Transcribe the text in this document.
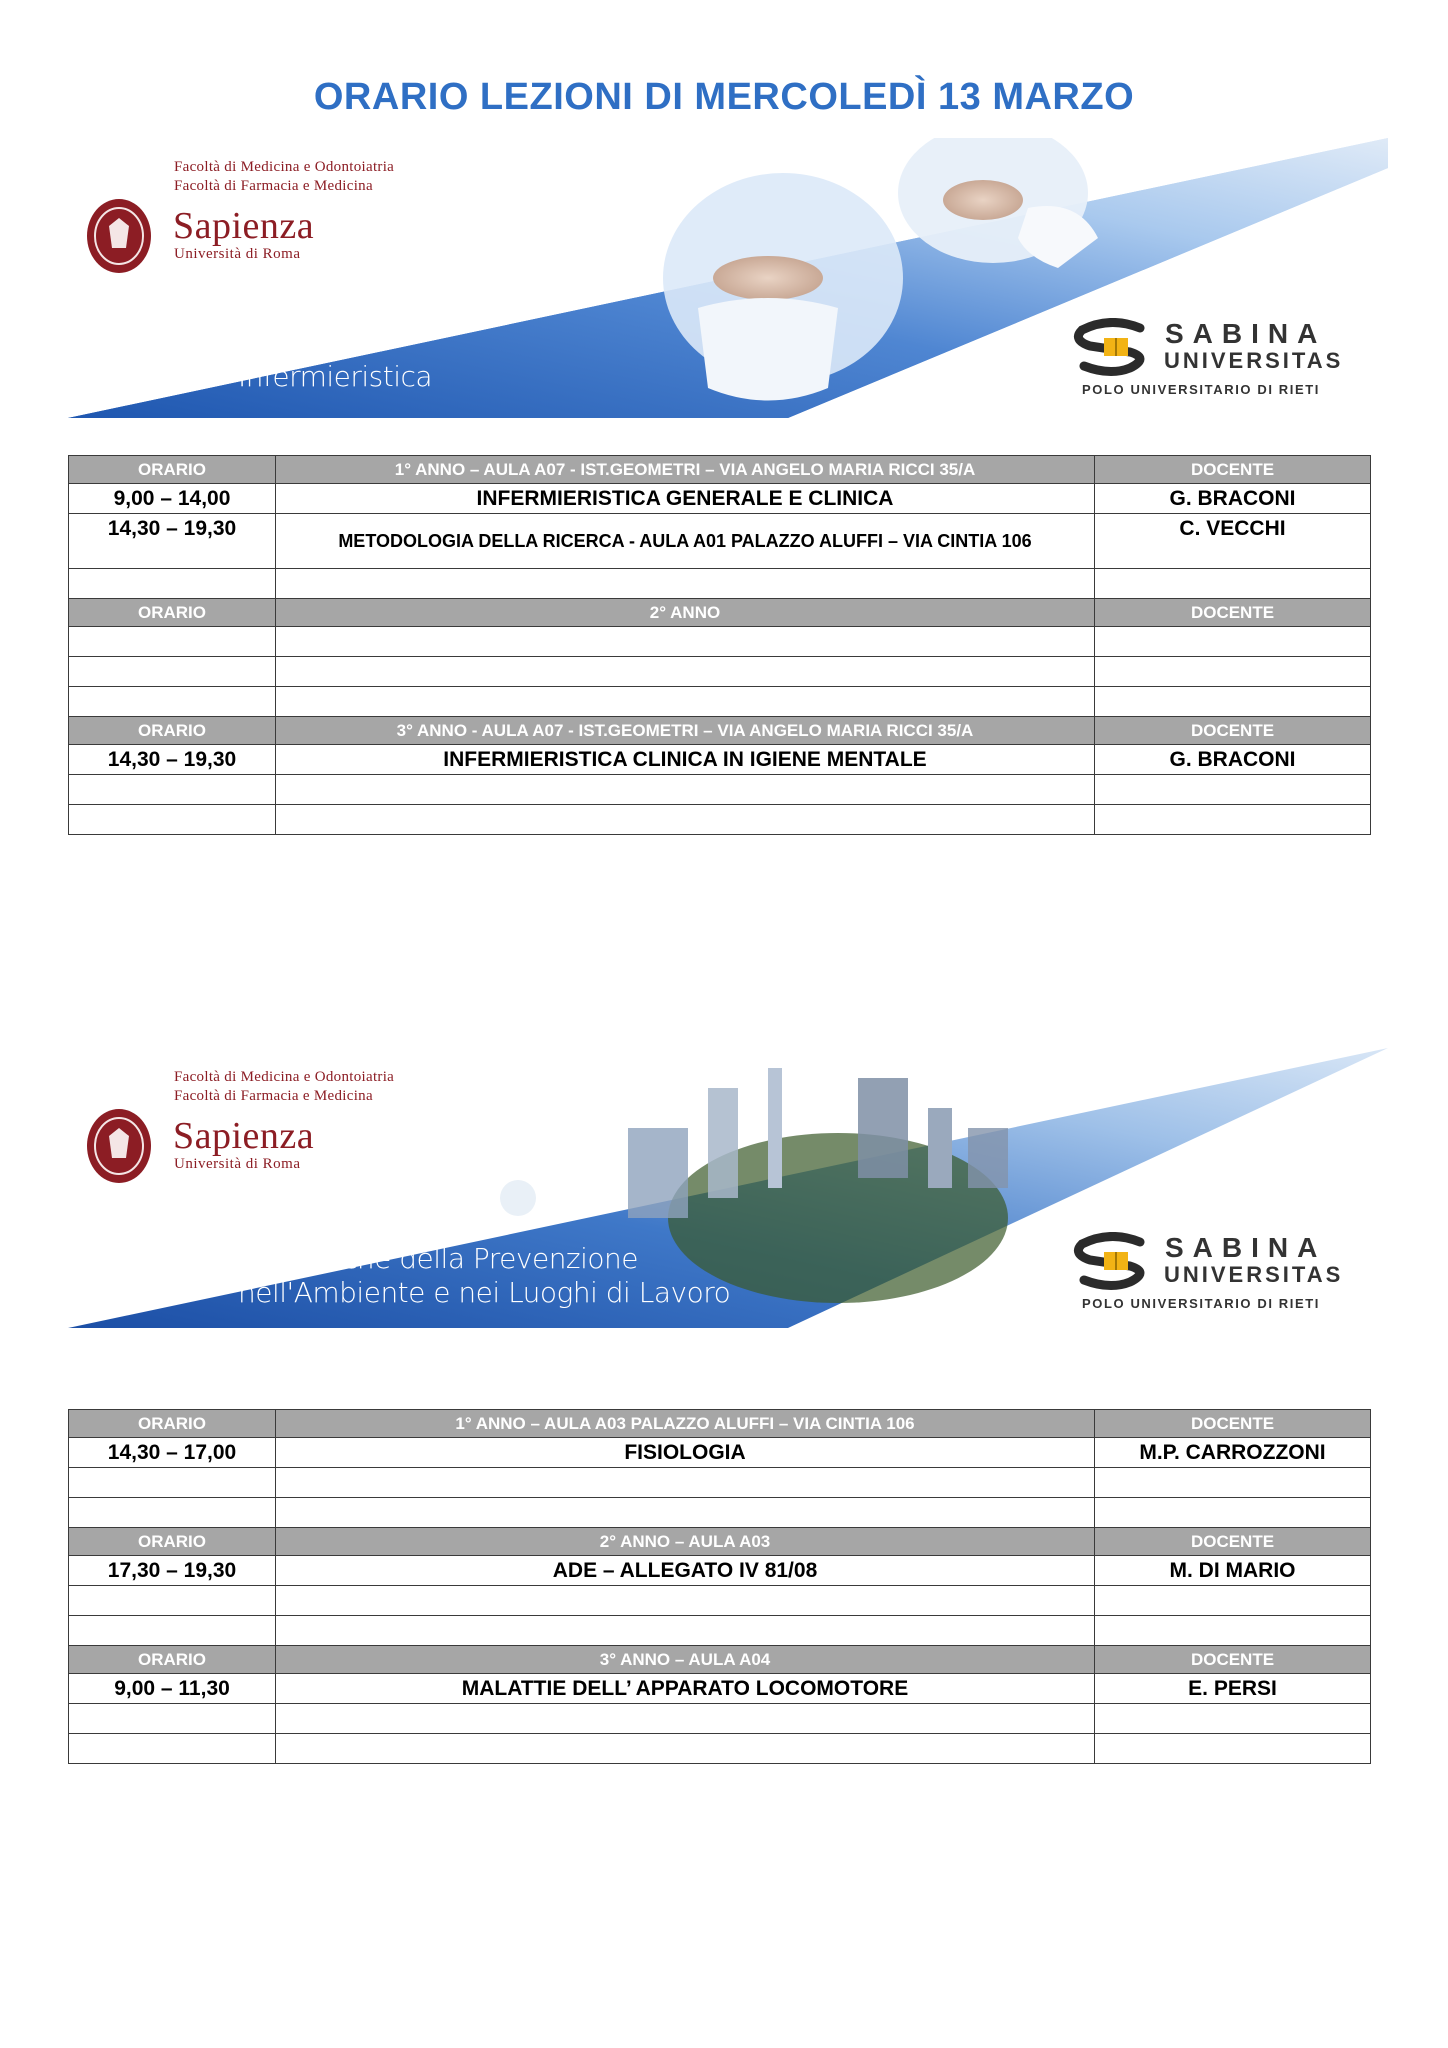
ORARIO LEZIONI DI MERCOLEDÌ 13 MARZO
Facoltà di Medicina e Odontoiatria
Facoltà di Farmacia e Medicina
Sapienza
Università di Roma
Infermieristica
SABINA
UNIVERSITAS
POLO UNIVERSITARIO DI RIETI
ORARIO	1° ANNO – AULA A07 - IST.GEOMETRI – VIA ANGELO MARIA RICCI 35/A	DOCENTE
9,00 – 14,00	INFERMIERISTICA GENERALE E CLINICA	G. BRACONI
14,30 – 19,30	METODOLOGIA DELLA RICERCA - AULA A01 PALAZZO ALUFFI – VIA CINTIA 106	C. VECCHI

ORARIO	2° ANNO	DOCENTE

ORARIO	3° ANNO - AULA A07 - IST.GEOMETRI – VIA ANGELO MARIA RICCI 35/A	DOCENTE
14,30 – 19,30	INFERMIERISTICA CLINICA IN IGIENE MENTALE	G. BRACONI

Facoltà di Medicina e Odontoiatria
Facoltà di Farmacia e Medicina
Sapienza
Università di Roma
Tecniche della Prevenzione
nell'Ambiente e nei Luoghi di Lavoro
SABINA
UNIVERSITAS
POLO UNIVERSITARIO DI RIETI
ORARIO	1° ANNO – AULA A03 PALAZZO ALUFFI – VIA CINTIA 106	DOCENTE
14,30 – 17,00	FISIOLOGIA	M.P. CARROZZONI

ORARIO	2° ANNO – AULA A03	DOCENTE
17,30 – 19,30	ADE – ALLEGATO IV 81/08	M. DI MARIO

ORARIO	3° ANNO – AULA A04	DOCENTE
9,00 – 11,30	MALATTIE DELL’ APPARATO LOCOMOTORE	E. PERSI
